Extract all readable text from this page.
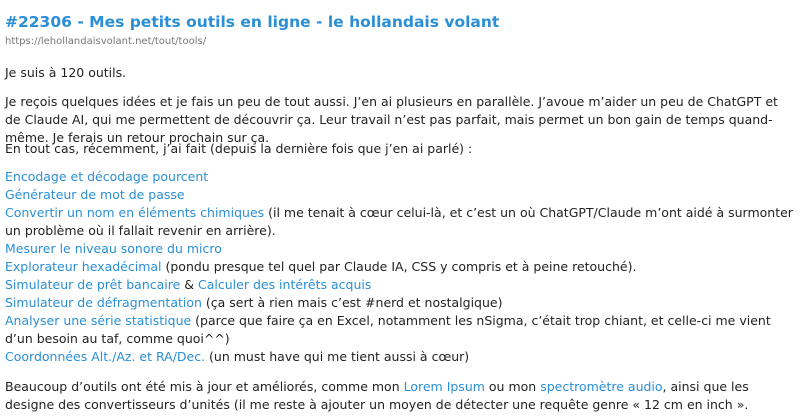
#22306 - Mes petits outils en ligne - le hollandais volant
https://lehollandaisvolant.net/tout/tools/

Je suis à 120 outils.

Je reçois quelques idées et je fais un peu de tout aussi. J’en ai plusieurs en parallèle. J’avoue m’aider un peu de ChatGPT et de Claude AI, qui me permettent de découvrir ça. Leur travail n’est pas parfait, mais permet un bon gain de temps quand-même. Je ferais un retour prochain sur ça.

En tout cas, récemment, j’ai fait (depuis la dernière fois que j’en ai parlé) :

Encodage et décodage pourcent
Générateur de mot de passe
Convertir un nom en éléments chimiques (il me tenait à cœur celui-là, et c’est un où ChatGPT/Claude m’ont aidé à surmonter un problème où il fallait revenir en arrière).
Mesurer le niveau sonore du micro
Explorateur hexadécimal (pondu presque tel quel par Claude IA, CSS y compris et à peine retouché).
Simulateur de prêt bancaire & Calculer des intérêts acquis
Simulateur de défragmentation (ça sert à rien mais c’est #nerd et nostalgique)
Analyser une série statistique (parce que faire ça en Excel, notamment les nSigma, c’était trop chiant, et celle-ci me vient d’un besoin au taf, comme quoi^^)
Coordonnées Alt./Az. et RA/Dec. (un must have qui me tient aussi à cœur)

Beaucoup d’outils ont été mis à jour et améliorés, comme mon Lorem Ipsum ou mon spectromètre audio, ainsi que les designe des convertisseurs d’unités (il me reste à ajouter un moyen de détecter une requête genre « 12 cm en inch ».
